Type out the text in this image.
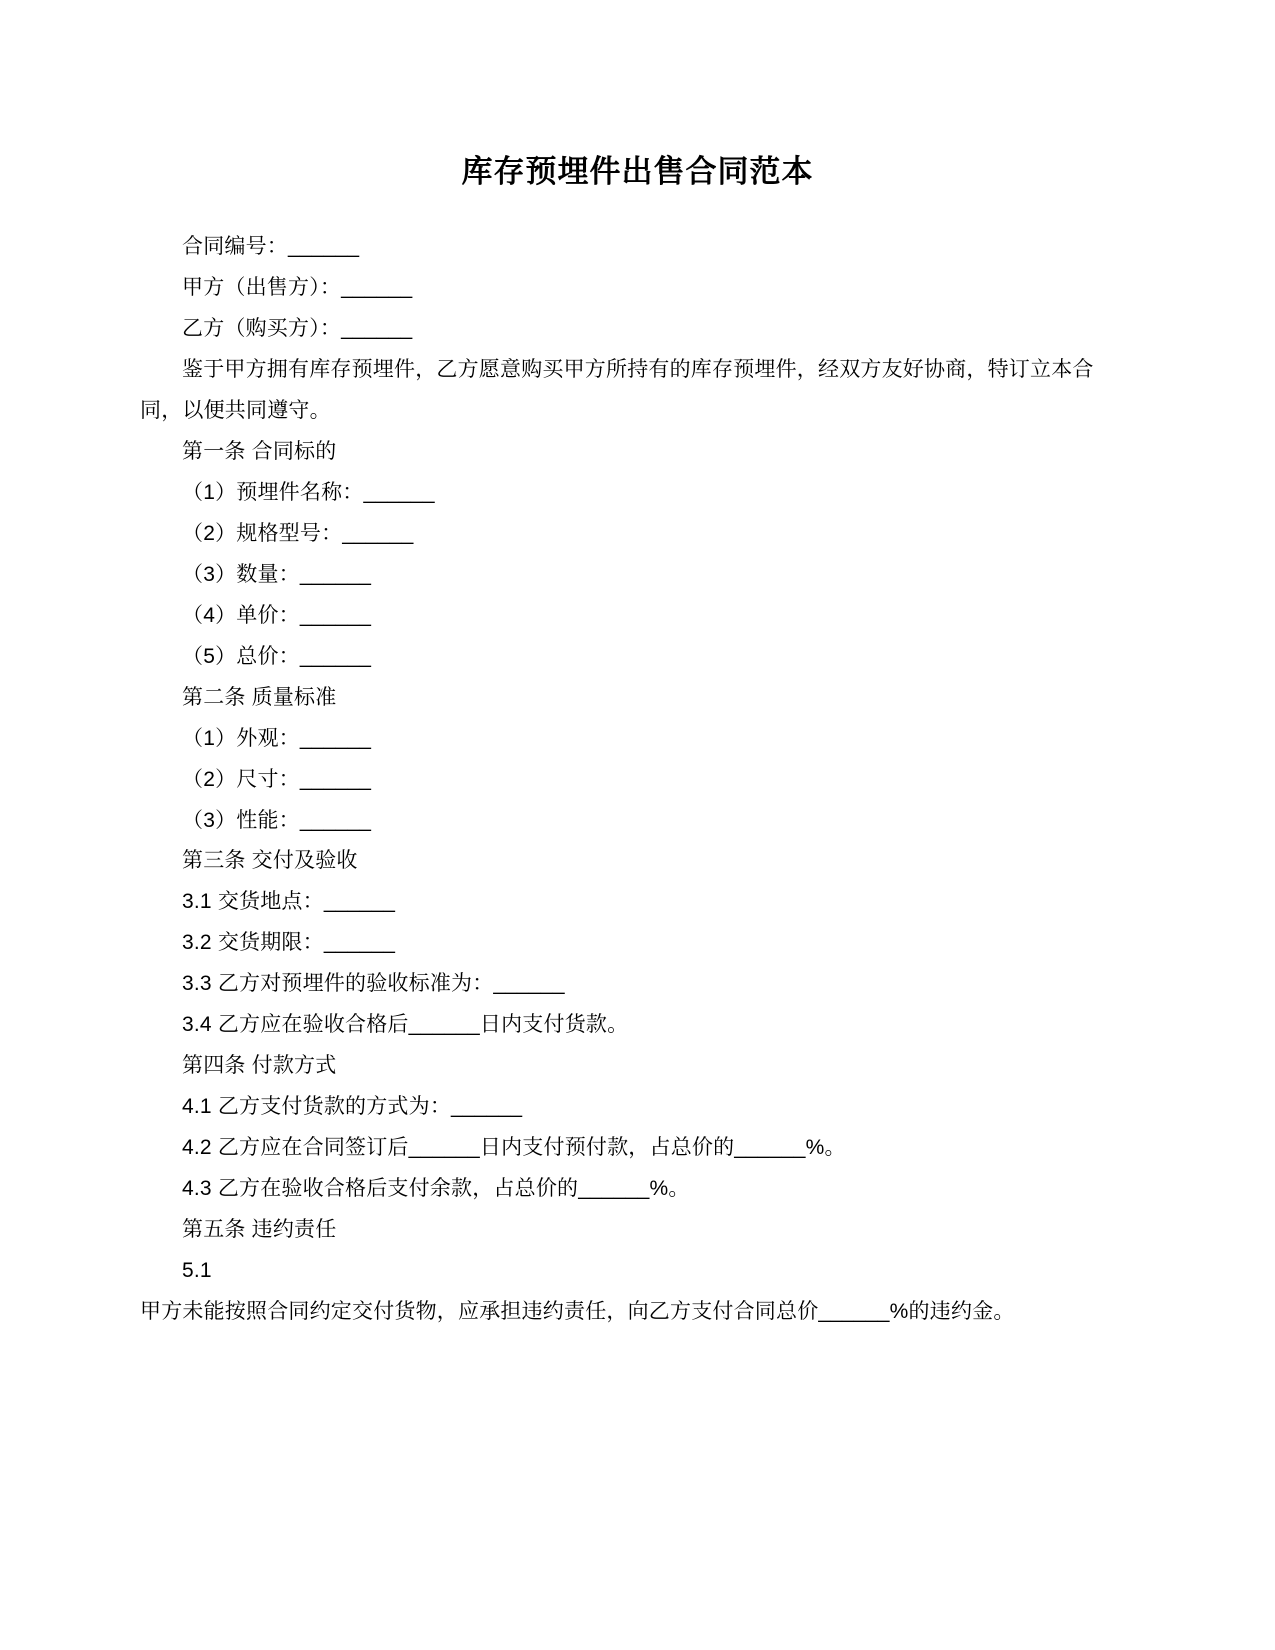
库存预埋件出售合同范本

合同编号：______

甲方（出售方）：______

乙方（购买方）：______

鉴于甲方拥有库存预埋件，乙方愿意购买甲方所持有的库存预埋件，经双方友好协商，特订立本合同，以便共同遵守。

第一条 合同标的

（1）预埋件名称：______

（2）规格型号：______

（3）数量：______

（4）单价：______

（5）总价：______

第二条 质量标准

（1）外观：______

（2）尺寸：______

（3）性能：______

第三条 交付及验收

3.1 交货地点：______

3.2 交货期限：______

3.3 乙方对预埋件的验收标准为：______

3.4 乙方应在验收合格后______日内支付货款。

第四条 付款方式

4.1 乙方支付货款的方式为：______

4.2 乙方应在合同签订后______日内支付预付款，占总价的______%。

4.3 乙方在验收合格后支付余款，占总价的______%。

第五条 违约责任

5.1

甲方未能按照合同约定交付货物，应承担违约责任，向乙方支付合同总价______%的违约金。
